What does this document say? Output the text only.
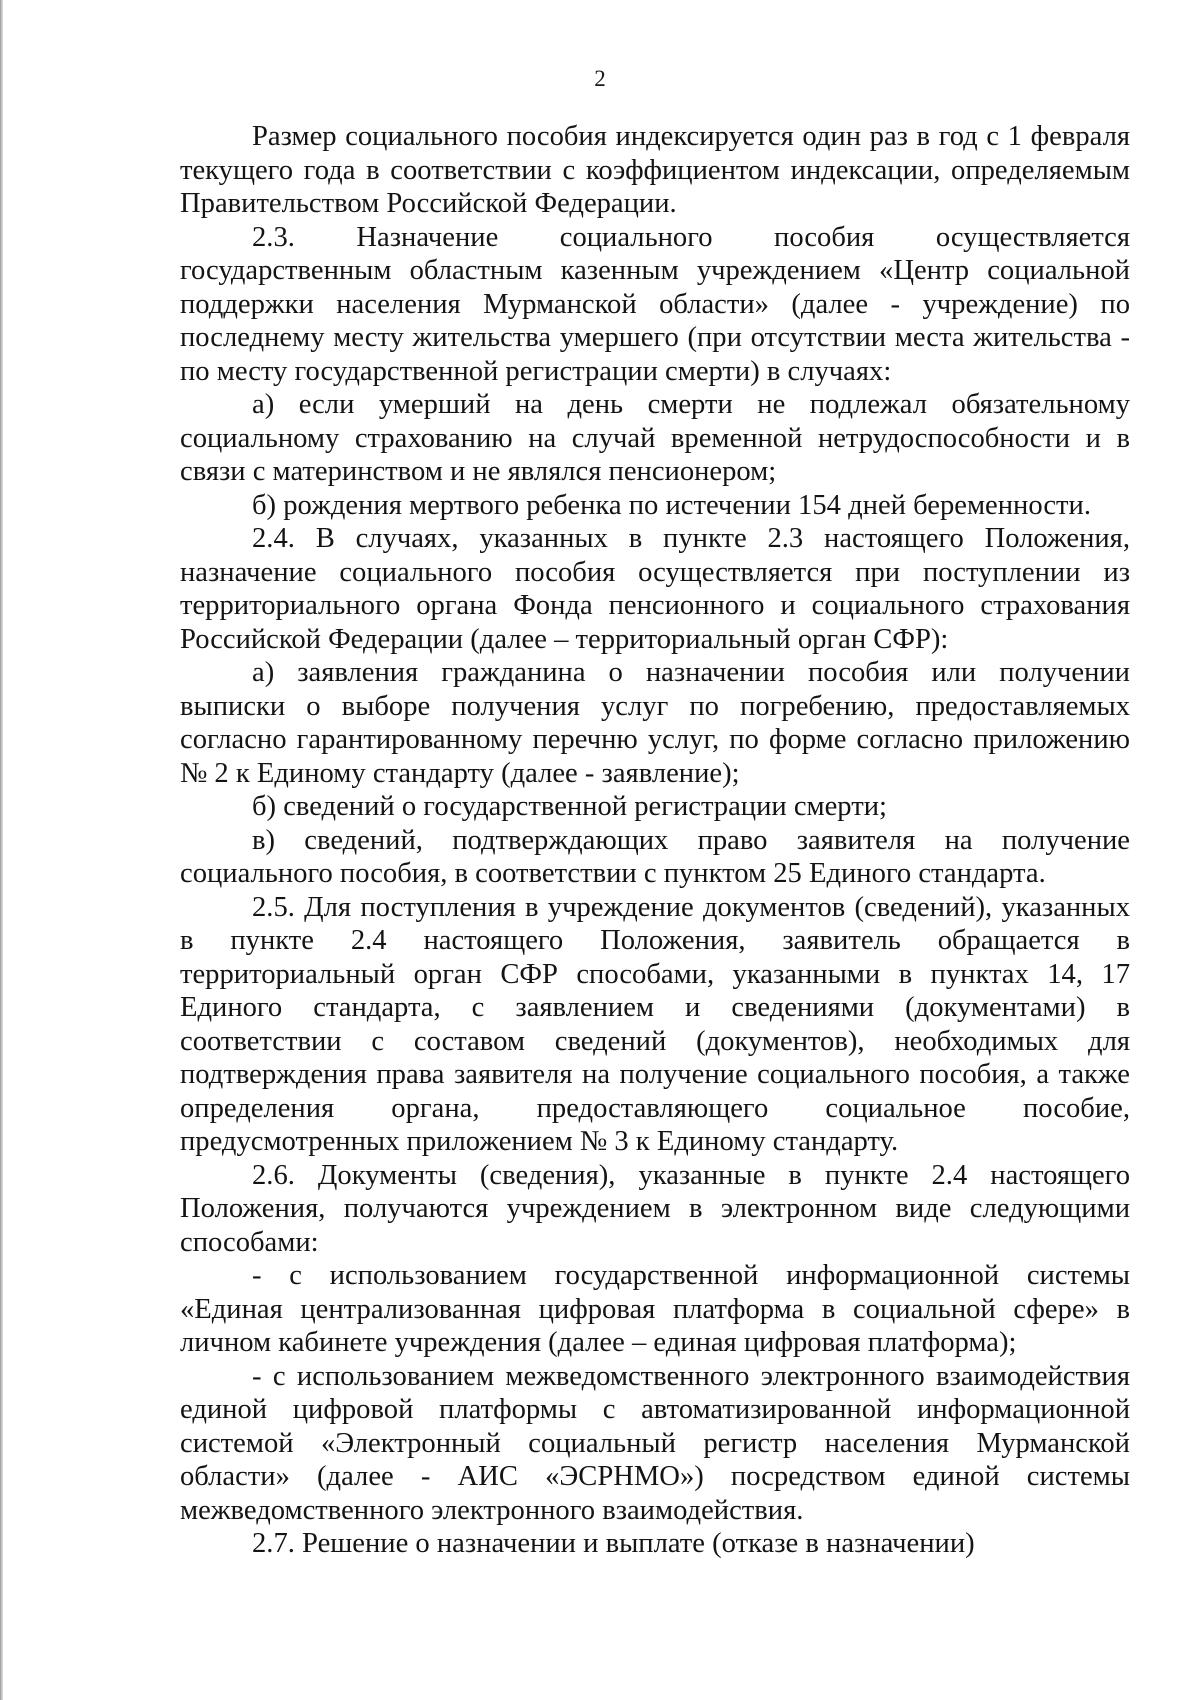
2

Размер социального пособия индексируется один раз в год с 1 февраля текущего года в соответствии с коэффициентом индексации, определяемым Правительством Российской Федерации.

2.3. Назначение социального пособия осуществляется государственным областным казенным учреждением «Центр социальной поддержки населения Мурманской области» (далее - учреждение) по последнему месту жительства умершего (при отсутствии места жительства - по месту государственной регистрации смерти) в случаях:

а) если умерший на день смерти не подлежал обязательному социальному страхованию на случай временной нетрудоспособности и в связи с материнством и не являлся пенсионером;

б) рождения мертвого ребенка по истечении 154 дней беременности.

2.4. В случаях, указанных в пункте 2.3 настоящего Положения, назначение социального пособия осуществляется при поступлении из территориального органа Фонда пенсионного и социального страхования Российской Федерации (далее – территориальный орган СФР):

а) заявления гражданина о назначении пособия или получении выписки о выборе получения услуг по погребению, предоставляемых согласно гарантированному перечню услуг, по форме согласно приложению № 2 к Единому стандарту (далее - заявление);

б) сведений о государственной регистрации смерти;

в) сведений, подтверждающих право заявителя на получение социального пособия, в соответствии с пунктом 25 Единого стандарта.

2.5. Для поступления в учреждение документов (сведений), указанных в пункте 2.4 настоящего Положения, заявитель обращается в территориальный орган СФР способами, указанными в пунктах 14, 17 Единого стандарта, с заявлением и сведениями (документами) в соответствии с составом сведений (документов), необходимых для подтверждения права заявителя на получение социального пособия, а также определения органа, предоставляющего социальное пособие, предусмотренных приложением № 3 к Единому стандарту.

2.6. Документы (сведения), указанные в пункте 2.4 настоящего Положения, получаются учреждением в электронном виде следующими способами:

- с использованием государственной информационной системы «Единая централизованная цифровая платформа в социальной сфере» в личном кабинете учреждения (далее – единая цифровая платформа);

- с использованием межведомственного электронного взаимодействия единой цифровой платформы с автоматизированной информационной системой «Электронный социальный регистр населения Мурманской области» (далее - АИС «ЭСРНМО») посредством единой системы межведомственного электронного взаимодействия.

2.7. Решение о назначении и выплате (отказе в назначении)
